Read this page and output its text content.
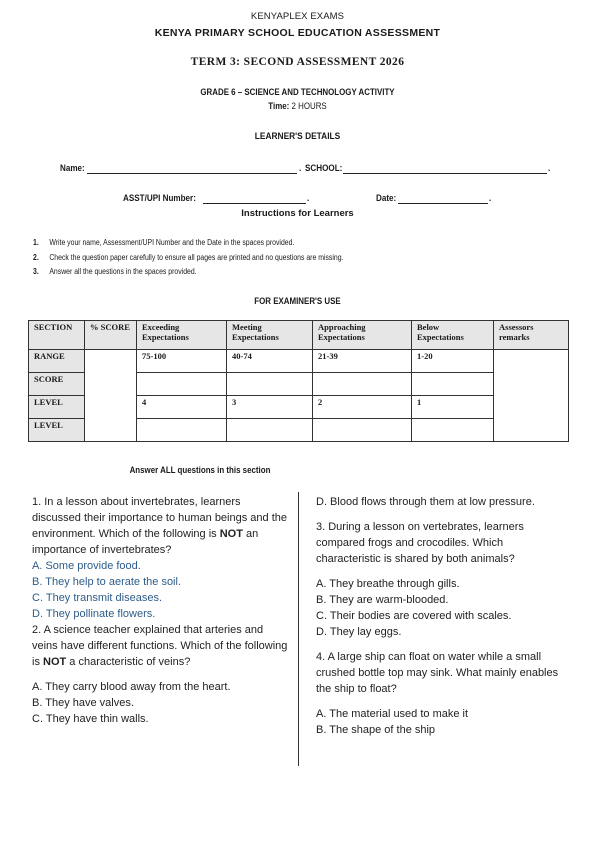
KENYAPLEX EXAMS
KENYA PRIMARY SCHOOL EDUCATION ASSESSMENT
TERM 3: SECOND ASSESSMENT 2026
GRADE 6 – SCIENCE AND TECHNOLOGY ACTIVITY
Time: 2 HOURS
LEARNER'S DETAILS
Name:	. SCHOOL:	.
ASST/UPI Number:	.	Date:	.
Instructions for Learners
1. Write your name, Assessment/UPI Number and the Date in the spaces provided.
2. Check the question paper carefully to ensure all pages are printed and no questions are missing.
3. Answer all the questions in the spaces provided.
FOR EXAMINER'S USE
SECTION	% SCORE	Exceeding Expectations	Meeting Expectations	Approaching Expectations	Below Expectations	Assessors remarks
RANGE		75-100	40-74	21-39	1-20	
SCORE						
LEVEL		4	3	2	1	
LEVEL						
Answer ALL questions in this section

1. In a lesson about invertebrates, learners discussed their importance to human beings and the environment. Which of the following is NOT an importance of invertebrates?

A. Some provide food.

B. They help to aerate the soil.

C. They transmit diseases.

D. They pollinate flowers.

2. A science teacher explained that arteries and veins have different functions. Which of the following is NOT a characteristic of veins?

A. They carry blood away from the heart.

B. They have valves.

C. They have thin walls.

D. Blood flows through them at low pressure.

3. During a lesson on vertebrates, learners compared frogs and crocodiles. Which characteristic is shared by both animals?

A. They breathe through gills.

B. They are warm-blooded.

C. Their bodies are covered with scales.

D. They lay eggs.

4. A large ship can float on water while a small crushed bottle top may sink. What mainly enables the ship to float?

A. The material used to make it

B. The shape of the ship
